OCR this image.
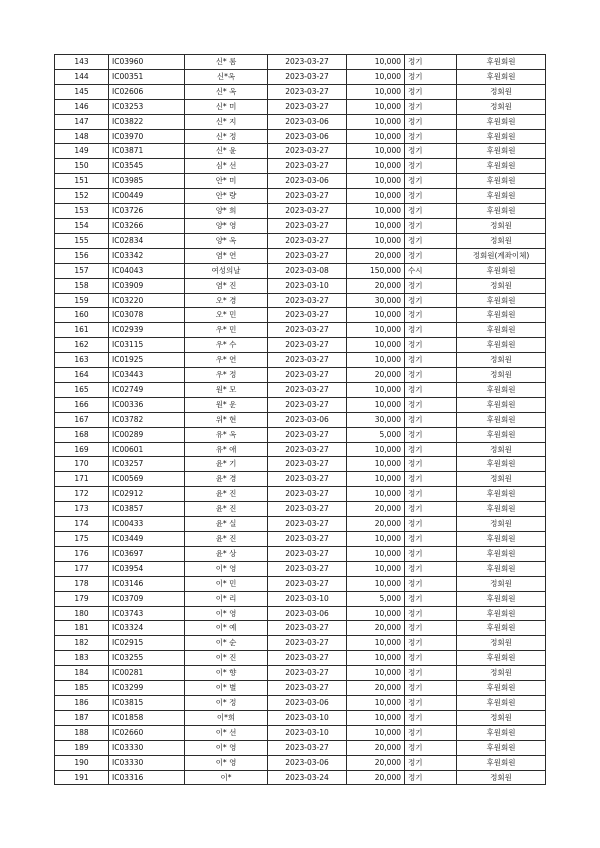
143	IC03960	신* 롬	2023-03-27	10,000	정기	후원회원
144	IC00351	신*옥	2023-03-27	10,000	정기	후원회원
145	IC02606	신* 옥	2023-03-27	10,000	정기	정회원
146	IC03253	신* 미	2023-03-27	10,000	정기	정회원
147	IC03822	신* 지	2023-03-06	10,000	정기	후원회원
148	IC03970	신* 정	2023-03-06	10,000	정기	후원회원
149	IC03871	신* 윤	2023-03-27	10,000	정기	후원회원
150	IC03545	심* 선	2023-03-27	10,000	정기	후원회원
151	IC03985	안* 미	2023-03-06	10,000	정기	후원회원
152	IC00449	안* 량	2023-03-27	10,000	정기	후원회원
153	IC03726	양* 희	2023-03-27	10,000	정기	후원회원
154	IC03266	양* 영	2023-03-27	10,000	정기	정회원
155	IC02834	양* 옥	2023-03-27	10,000	정기	정회원
156	IC03342	염* 연	2023-03-27	20,000	정기	정회원(계좌이체)
157	IC04043	여성의날	2023-03-08	150,000	수시	후원회원
158	IC03909	염* 진	2023-03-10	20,000	정기	정회원
159	IC03220	오* 경	2023-03-27	30,000	정기	후원회원
160	IC03078	오* 민	2023-03-27	10,000	정기	후원회원
161	IC02939	우* 민	2023-03-27	10,000	정기	후원회원
162	IC03115	우* 수	2023-03-27	10,000	정기	후원회원
163	IC01925	우* 연	2023-03-27	10,000	정기	정회원
164	IC03443	우* 정	2023-03-27	20,000	정기	정회원
165	IC02749	원* 모	2023-03-27	10,000	정기	후원회원
166	IC00336	원* 운	2023-03-27	10,000	정기	후원회원
167	IC03782	위* 현	2023-03-06	30,000	정기	후원회원
168	IC00289	유* 옥	2023-03-27	5,000	정기	후원회원
169	IC00601	유* 애	2023-03-27	10,000	정기	정회원
170	IC03257	윤* 기	2023-03-27	10,000	정기	후원회원
171	IC00569	윤* 경	2023-03-27	10,000	정기	정회원
172	IC02912	윤* 진	2023-03-27	10,000	정기	후원회원
173	IC03857	윤* 진	2023-03-27	20,000	정기	후원회원
174	IC00433	윤* 실	2023-03-27	20,000	정기	정회원
175	IC03449	윤* 진	2023-03-27	10,000	정기	후원회원
176	IC03697	윤* 상	2023-03-27	10,000	정기	후원회원
177	IC03954	이* 영	2023-03-27	10,000	정기	후원회원
178	IC03146	이* 민	2023-03-27	10,000	정기	정회원
179	IC03709	이* 리	2023-03-10	5,000	정기	후원회원
180	IC03743	이* 영	2023-03-06	10,000	정기	후원회원
181	IC03324	이* 예	2023-03-27	20,000	정기	후원회원
182	IC02915	이* 순	2023-03-27	10,000	정기	정회원
183	IC03255	이* 진	2023-03-27	10,000	정기	후원회원
184	IC00281	이* 향	2023-03-27	10,000	정기	정회원
185	IC03299	이* 별	2023-03-27	20,000	정기	후원회원
186	IC03815	이* 정	2023-03-06	10,000	정기	후원회원
187	IC01858	이*희	2023-03-10	10,000	정기	정회원
188	IC02660	이* 선	2023-03-10	10,000	정기	후원회원
189	IC03330	이* 영	2023-03-27	20,000	정기	후원회원
190	IC03330	이* 영	2023-03-06	20,000	정기	후원회원
191	IC03316	이*	2023-03-24	20,000	정기	정회원
